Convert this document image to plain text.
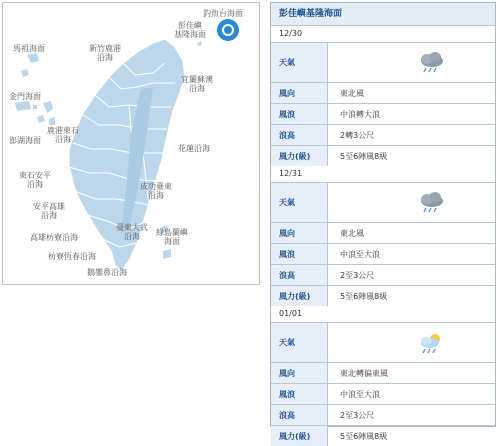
釣魚台海面
彭佳嶼
基隆海面
馬祖海面	新竹鹿港
沿海
宜蘭蘇澳
沿海
金門海面
鹿港東石
沿海
澎湖海面
花蓮沿海
東石安平
沿海	成功臺東
沿海
安平高雄
沿海
臺東大武
沿海	綠島蘭嶼
海面
高雄枋寮沿海
枋寮恆春沿海
鵝鑾鼻沿海
彭佳嶼基隆海面
12/30
天氣
風向	東北風
風浪	中浪轉大浪
浪高	2轉3公尺
風力(級)	5至6陣風8級
12/31
天氣
風向	東北風
風浪	中浪至大浪
浪高	2至3公尺
風力(級)	5至6陣風8級
01/01
天氣
風向	東北轉偏東風
風浪	中浪至大浪
浪高	2至3公尺
風力(級)	5至6陣風8級
